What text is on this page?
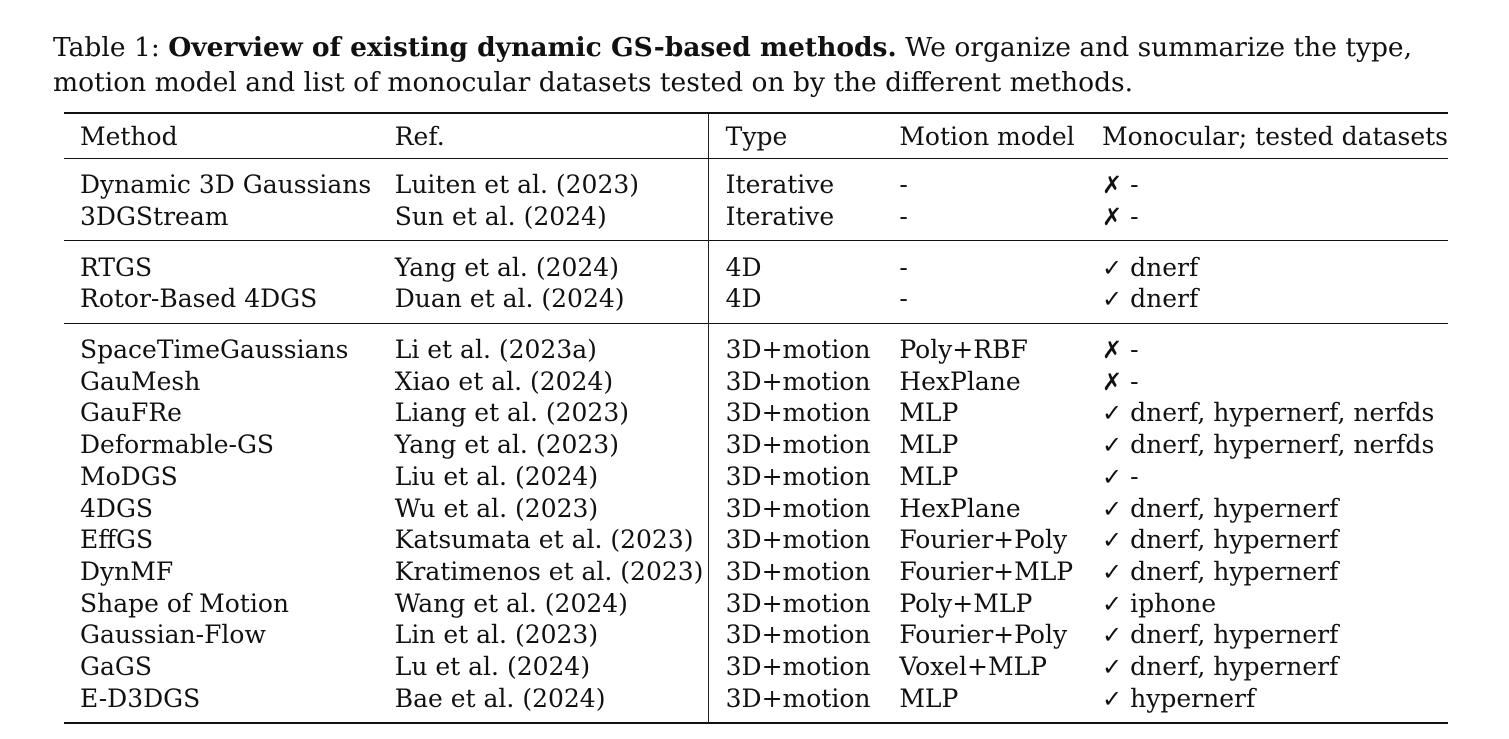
Table 1: Overview of existing dynamic GS-based methods. We organize and summarize the type, motion model and list of monocular datasets tested on by the different methods.
Method	Ref.	Type	Motion model	Monocular; tested datasets
Dynamic 3D Gaussians	Luiten et al. (2023)	Iterative	-	✗ -
3DGStream	Sun et al. (2024)	Iterative	-	✗ -
RTGS	Yang et al. (2024)	4D	-	✓ dnerf
Rotor-Based 4DGS	Duan et al. (2024)	4D	-	✓ dnerf
SpaceTimeGaussians	Li et al. (2023a)	3D+motion	Poly+RBF	✗ -
GauMesh	Xiao et al. (2024)	3D+motion	HexPlane	✗ -
GauFRe	Liang et al. (2023)	3D+motion	MLP	✓ dnerf, hypernerf, nerfds
Deformable-GS	Yang et al. (2023)	3D+motion	MLP	✓ dnerf, hypernerf, nerfds
MoDGS	Liu et al. (2024)	3D+motion	MLP	✓ -
4DGS	Wu et al. (2023)	3D+motion	HexPlane	✓ dnerf, hypernerf
EffGS	Katsumata et al. (2023)	3D+motion	Fourier+Poly	✓ dnerf, hypernerf
DynMF	Kratimenos et al. (2023)	3D+motion	Fourier+MLP	✓ dnerf, hypernerf
Shape of Motion	Wang et al. (2024)	3D+motion	Poly+MLP	✓ iphone
Gaussian-Flow	Lin et al. (2023)	3D+motion	Fourier+Poly	✓ dnerf, hypernerf
GaGS	Lu et al. (2024)	3D+motion	Voxel+MLP	✓ dnerf, hypernerf
E-D3DGS	Bae et al. (2024)	3D+motion	MLP	✓ hypernerf
